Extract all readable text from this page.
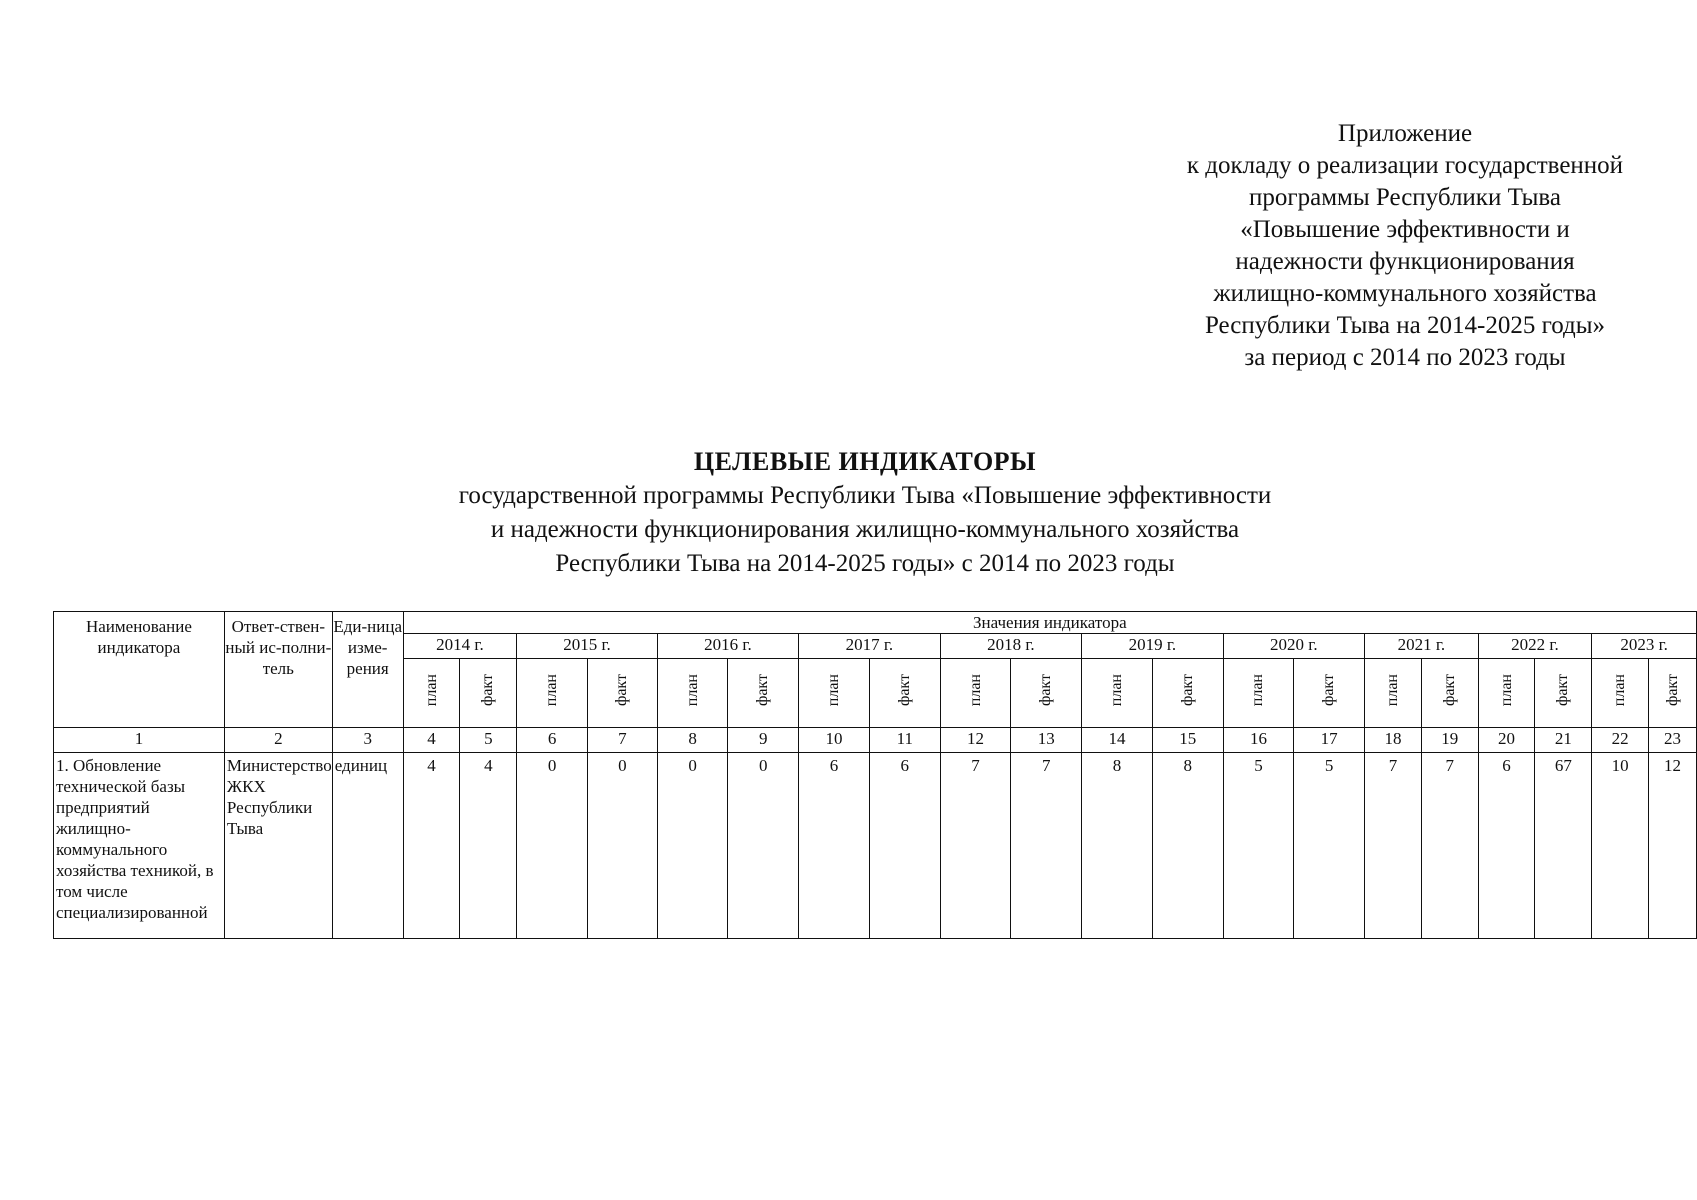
Приложение
к докладу о реализации государственной
программы Республики Тыва
«Повышение эффективности и
надежности функционирования
жилищно-коммунального хозяйства
Республики Тыва на 2014-2025 годы»
за период с 2014 по 2023 годы
ЦЕЛЕВЫЕ ИНДИКАТОРЫ
государственной программы Республики Тыва «Повышение эффективности
и надежности функционирования жилищно-коммунального хозяйства
Республики Тыва на 2014-2025 годы» с 2014 по 2023 годы
Наименование индикатора	Ответ-ствен-ный ис-полни-тель	Еди-ница изме-рения	Значения индикатора																			
			2014 г.		2015 г.		2016 г.		2017 г.		2018 г.		2019 г.		2020 г.		2021 г.		2022 г.		2023 г.	
			план	факт	план	факт	план	факт	план	факт	план	факт	план	факт	план	факт	план	факт	план	факт	план	факт
1	2	3	4	5	6	7	8	9	10	11	12	13	14	15	16	17	18	19	20	21	22	23
1. Обновление технической базы предприятий жилищно-коммунального хозяйства техникой, в том числе специализированной	Министерство ЖКХ Республики Тыва	единиц	4	4	0	0	0	0	6	6	7	7	8	8	5	5	7	7	6	67	10	12
